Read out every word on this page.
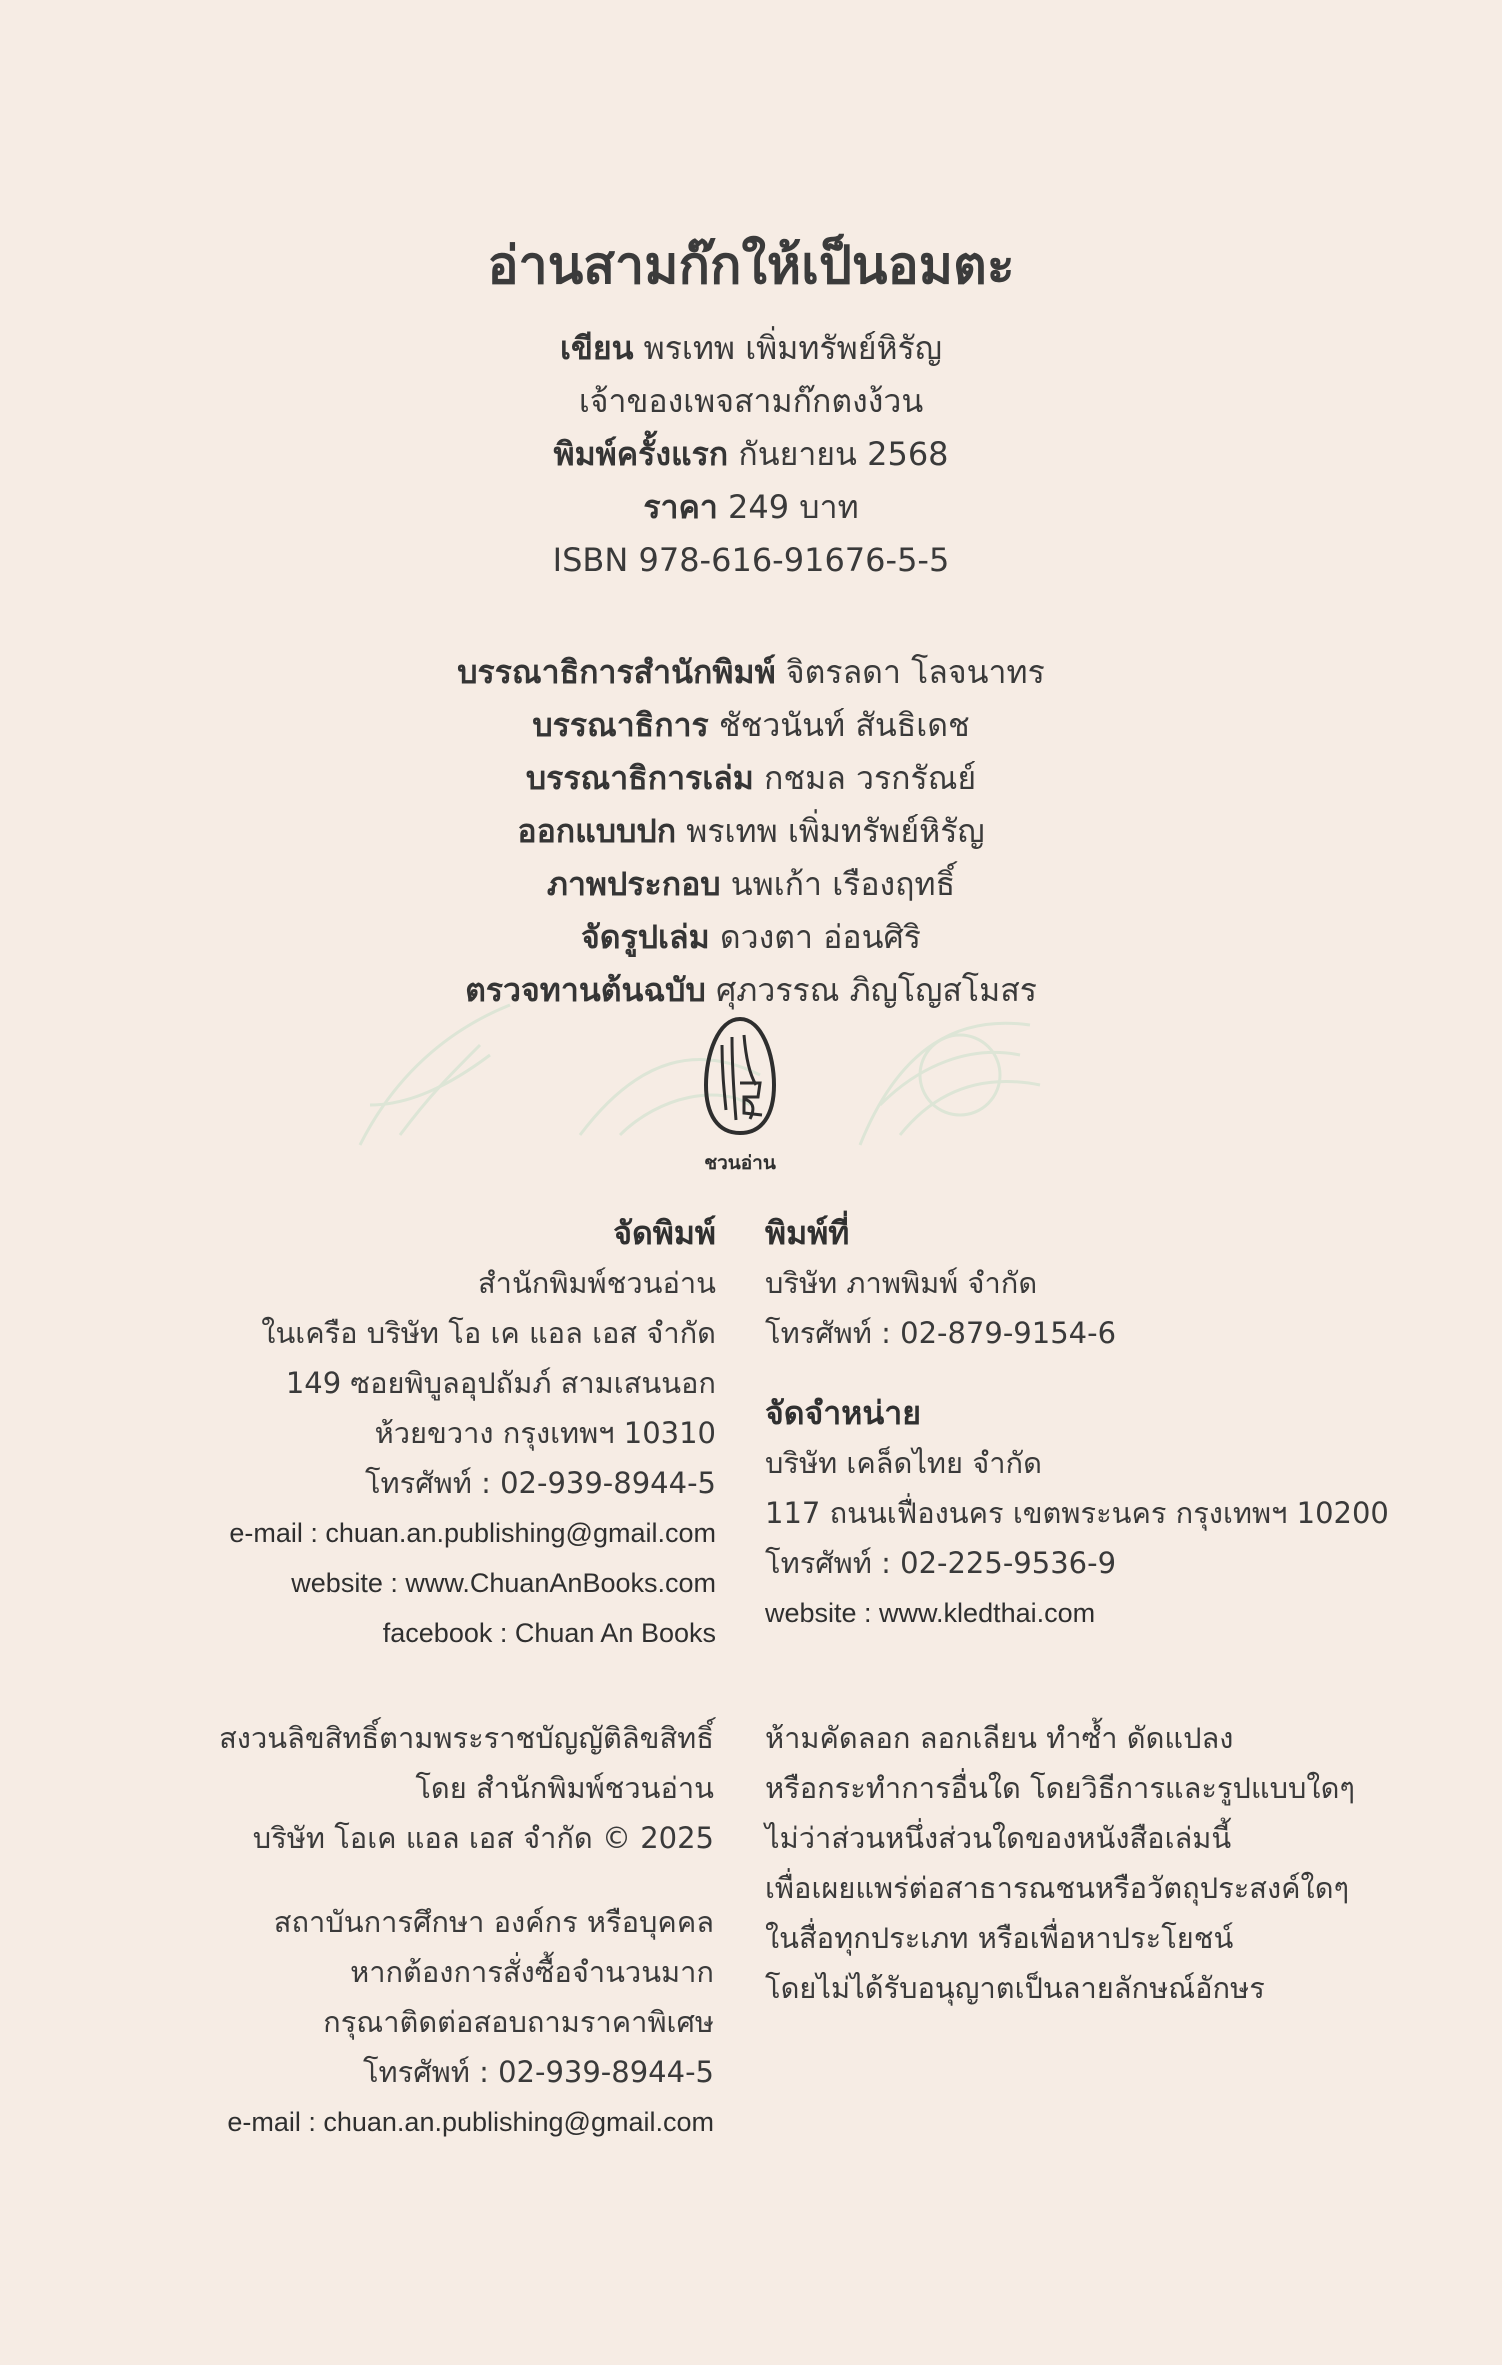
อ่านสามก๊กให้เป็นอมตะ
เขียน พรเทพ เพิ่มทรัพย์หิรัญ
เจ้าของเพจสามก๊กตงง้วน
พิมพ์ครั้งแรก กันยายน 2568
ราคา 249 บาท
ISBN 978-616-91676-5-5
บรรณาธิการสำนักพิมพ์ จิตรลดา โลจนาทร
บรรณาธิการ ชัชวนันท์ สันธิเดช
บรรณาธิการเล่ม กชมล วรกรัณย์
ออกแบบปก พรเทพ เพิ่มทรัพย์หิรัญ
ภาพประกอบ นพเก้า เรืองฤทธิ์
จัดรูปเล่ม ดวงตา อ่อนศิริ
ตรวจทานต้นฉบับ ศุภวรรณ ภิญโญสโมสร
ชวนอ่าน
จัดพิมพ์
สำนักพิมพ์ชวนอ่าน
ในเครือ บริษัท โอ เค แอล เอส จำกัด
149 ซอยพิบูลอุปถัมภ์ สามเสนนอก
ห้วยขวาง กรุงเทพฯ 10310
โทรศัพท์ : 02-939-8944-5
e-mail : chuan.an.publishing@gmail.com
website : www.ChuanAnBooks.com
facebook : Chuan An Books
พิมพ์ที่
บริษัท ภาพพิมพ์ จำกัด
โทรศัพท์ : 02-879-9154-6
จัดจำหน่าย
บริษัท เคล็ดไทย จำกัด
117 ถนนเฟื่องนคร เขตพระนคร กรุงเทพฯ 10200
โทรศัพท์ : 02-225-9536-9
website : www.kledthai.com
สงวนลิขสิทธิ์ตามพระราชบัญญัติลิขสิทธิ์
โดย สำนักพิมพ์ชวนอ่าน
บริษัท โอเค แอล เอส จำกัด © 2025
สถาบันการศึกษา องค์กร หรือบุคคล
หากต้องการสั่งซื้อจำนวนมาก
กรุณาติดต่อสอบถามราคาพิเศษ
โทรศัพท์ : 02-939-8944-5
e-mail : chuan.an.publishing@gmail.com
ห้ามคัดลอก ลอกเลียน ทำซ้ำ ดัดแปลง
หรือกระทำการอื่นใด โดยวิธีการและรูปแบบใดๆ
ไม่ว่าส่วนหนึ่งส่วนใดของหนังสือเล่มนี้
เพื่อเผยแพร่ต่อสาธารณชนหรือวัตถุประสงค์ใดๆ
ในสื่อทุกประเภท หรือเพื่อหาประโยชน์
โดยไม่ได้รับอนุญาตเป็นลายลักษณ์อักษร
